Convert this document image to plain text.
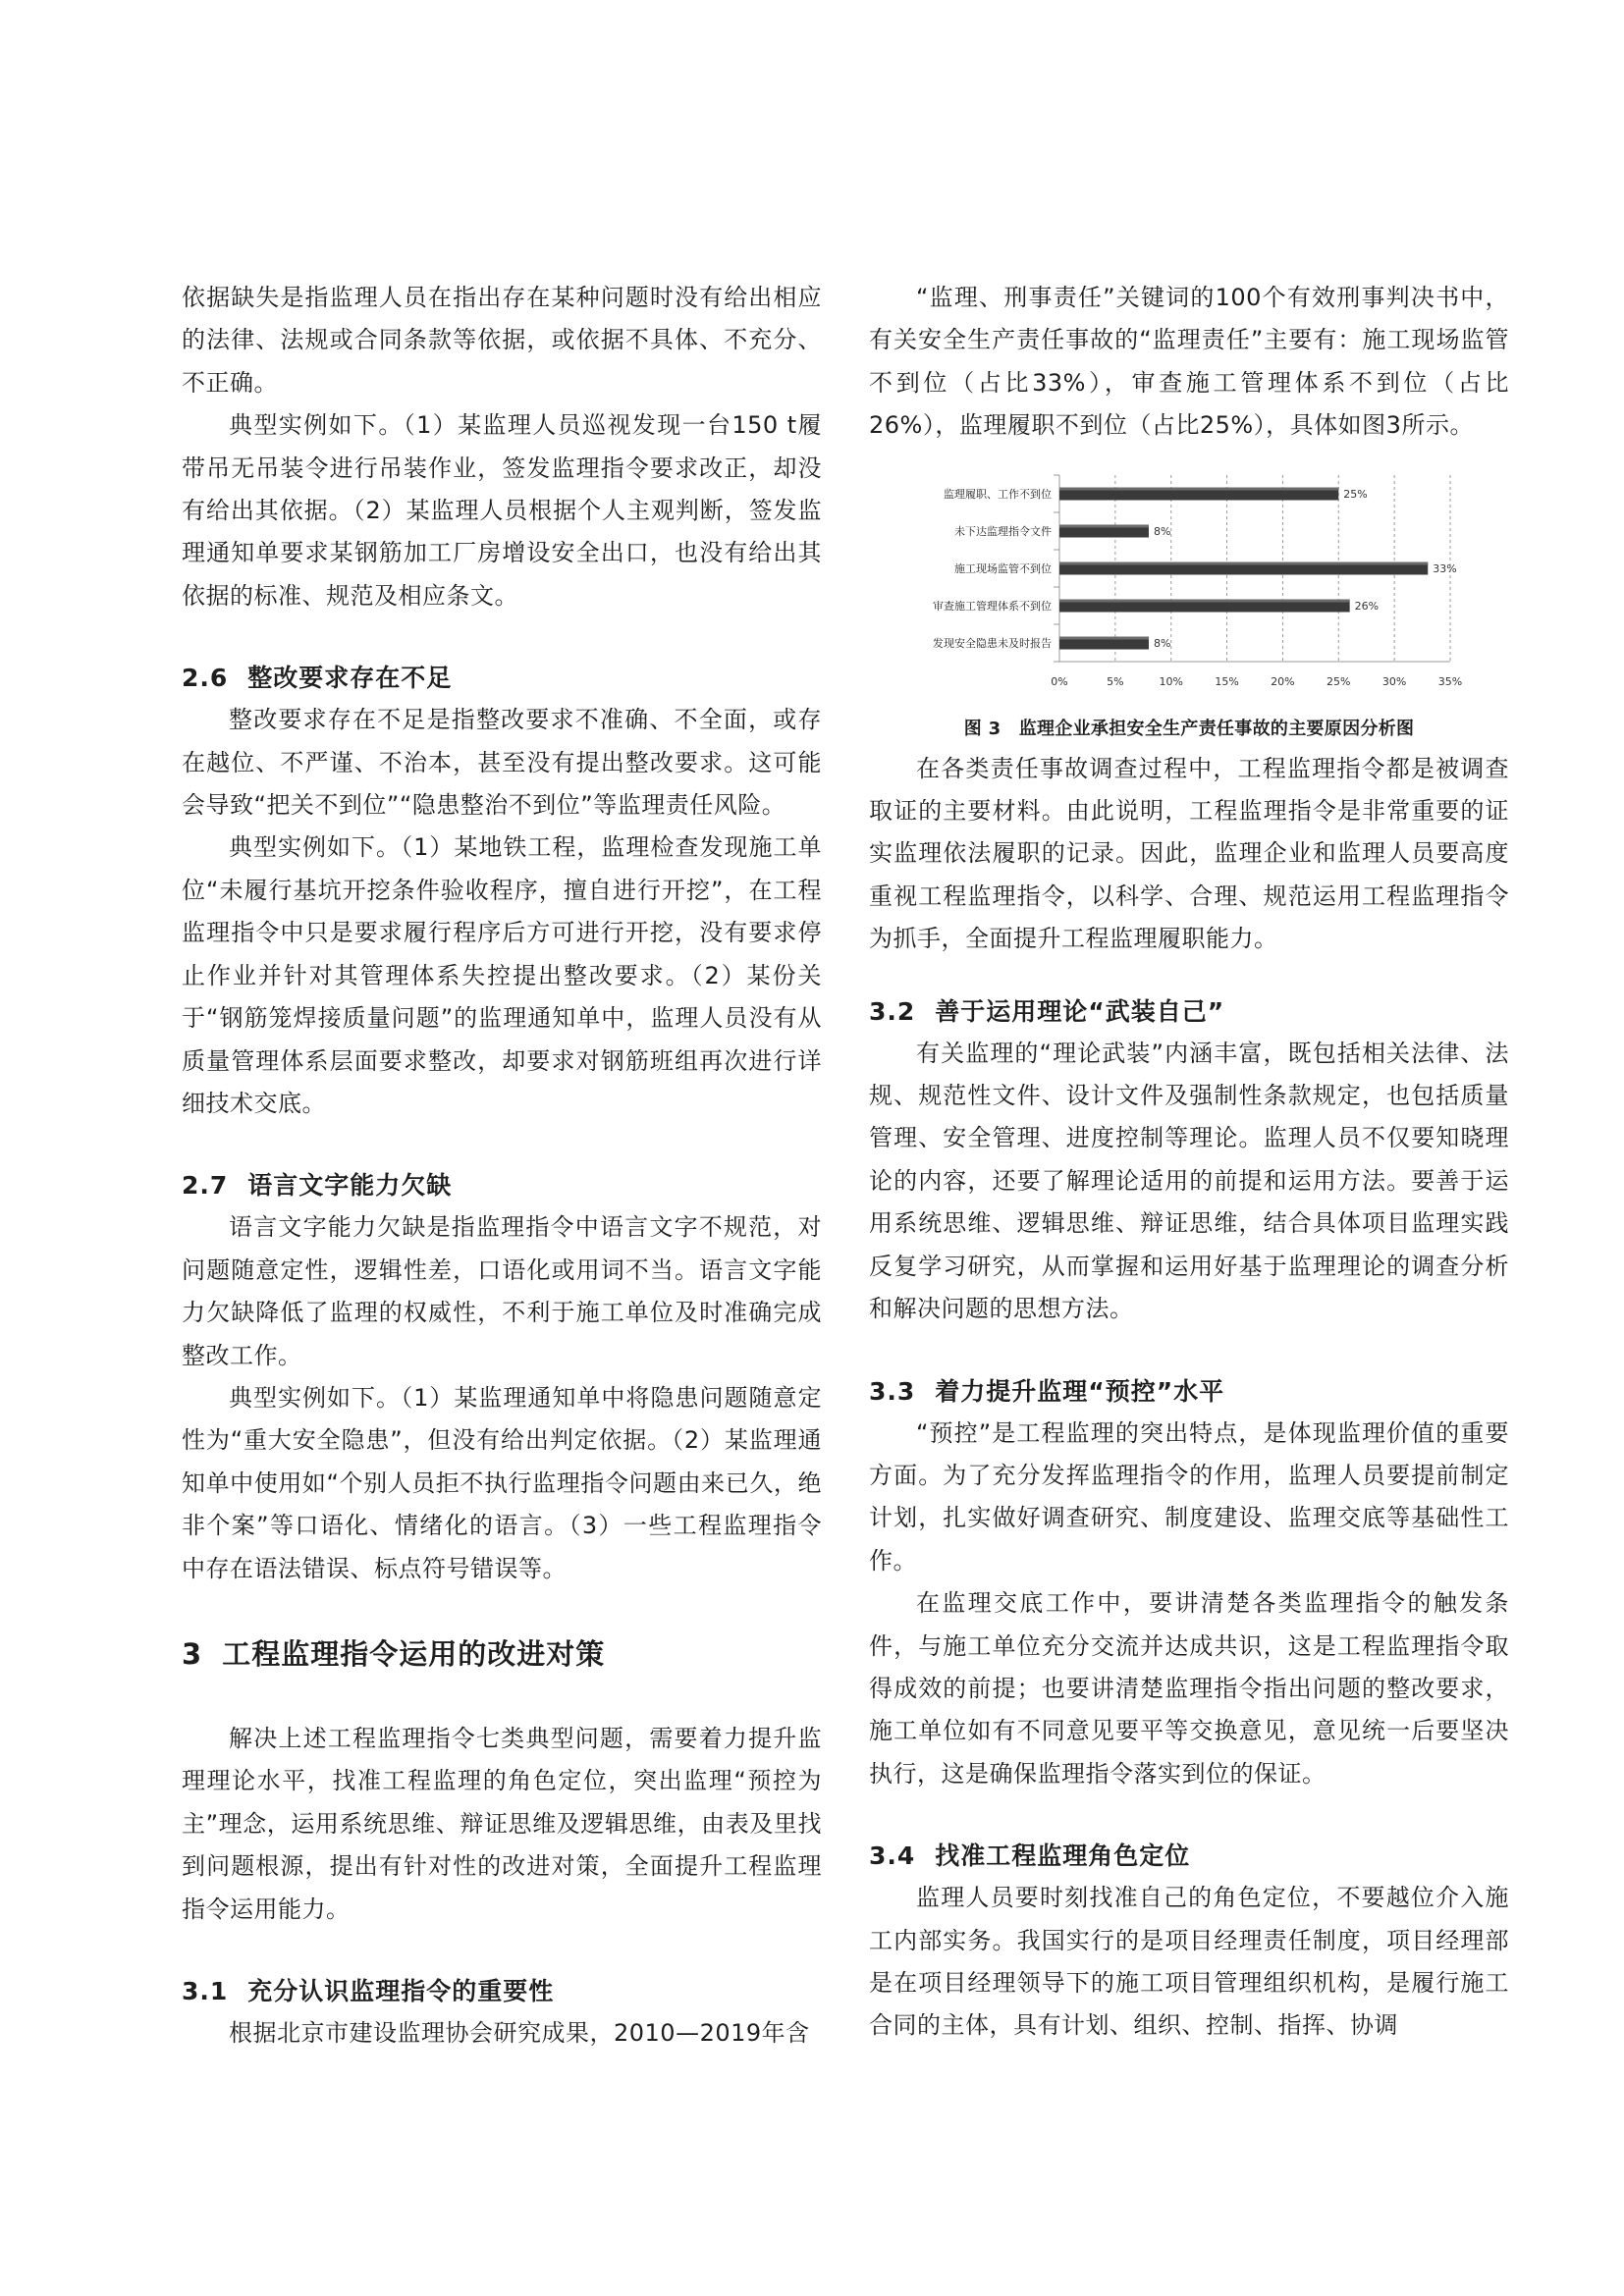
依据缺失是指监理人员在指出存在某种问题时没有给出相应的法律、法规或合同条款等依据，或依据不具体、不充分、不正确。

典型实例如下。（1）某监理人员巡视发现一台150 t履带吊无吊装令进行吊装作业，签发监理指令要求改正，却没有给出其依据。（2）某监理人员根据个人主观判断，签发监理通知单要求某钢筋加工厂房增设安全出口，也没有给出其依据的标准、规范及相应条文。

2.6 整改要求存在不足

整改要求存在不足是指整改要求不准确、不全面，或存在越位、不严谨、不治本，甚至没有提出整改要求。这可能会导致“把关不到位”“隐患整治不到位”等监理责任风险。

典型实例如下。（1）某地铁工程，监理检查发现施工单位“未履行基坑开挖条件验收程序，擅自进行开挖”，在工程监理指令中只是要求履行程序后方可进行开挖，没有要求停止作业并针对其管理体系失控提出整改要求。（2）某份关于“钢筋笼焊接质量问题”的监理通知单中，监理人员没有从质量管理体系层面要求整改，却要求对钢筋班组再次进行详细技术交底。

2.7 语言文字能力欠缺

语言文字能力欠缺是指监理指令中语言文字不规范，对问题随意定性，逻辑性差，口语化或用词不当。语言文字能力欠缺降低了监理的权威性，不利于施工单位及时准确完成整改工作。

典型实例如下。（1）某监理通知单中将隐患问题随意定性为“重大安全隐患”，但没有给出判定依据。（2）某监理通知单中使用如“个别人员拒不执行监理指令问题由来已久，绝非个案”等口语化、情绪化的语言。（3）一些工程监理指令中存在语法错误、标点符号错误等。

3 工程监理指令运用的改进对策

解决上述工程监理指令七类典型问题，需要着力提升监理理论水平，找准工程监理的角色定位，突出监理“预控为主”理念，运用系统思维、辩证思维及逻辑思维，由表及里找到问题根源，提出有针对性的改进对策，全面提升工程监理指令运用能力。

3.1 充分认识监理指令的重要性

根据北京市建设监理协会研究成果，2010—2019年含

“监理、刑事责任”关键词的100个有效刑事判决书中，有关安全生产责任事故的“监理责任”主要有：施工现场监管不到位（占比33%），审查施工管理体系不到位（占比26%），监理履职不到位（占比25%），具体如图3所示。

0%	5%	10%	15%	20%	25%	30%	35%
监理履职、工作不到位	25%
未下达监理指令文件	8%
施工现场监管不到位	33%
审查施工管理体系不到位	26%
发现安全隐患未及时报告	8%
图 3　监理企业承担安全生产责任事故的主要原因分析图

在各类责任事故调查过程中，工程监理指令都是被调查取证的主要材料。由此说明，工程监理指令是非常重要的证实监理依法履职的记录。因此，监理企业和监理人员要高度重视工程监理指令，以科学、合理、规范运用工程监理指令为抓手，全面提升工程监理履职能力。

3.2 善于运用理论“武装自己”

有关监理的“理论武装”内涵丰富，既包括相关法律、法规、规范性文件、设计文件及强制性条款规定，也包括质量管理、安全管理、进度控制等理论。监理人员不仅要知晓理论的内容，还要了解理论适用的前提和运用方法。要善于运用系统思维、逻辑思维、辩证思维，结合具体项目监理实践反复学习研究，从而掌握和运用好基于监理理论的调查分析和解决问题的思想方法。

3.3 着力提升监理“预控”水平

“预控”是工程监理的突出特点，是体现监理价值的重要方面。为了充分发挥监理指令的作用，监理人员要提前制定计划，扎实做好调查研究、制度建设、监理交底等基础性工作。

在监理交底工作中，要讲清楚各类监理指令的触发条件，与施工单位充分交流并达成共识，这是工程监理指令取得成效的前提；也要讲清楚监理指令指出问题的整改要求，施工单位如有不同意见要平等交换意见，意见统一后要坚决执行，这是确保监理指令落实到位的保证。

3.4 找准工程监理角色定位

监理人员要时刻找准自己的角色定位，不要越位介入施工内部实务。我国实行的是项目经理责任制度，项目经理部是在项目经理领导下的施工项目管理组织机构，是履行施工合同的主体，具有计划、组织、控制、指挥、协调
